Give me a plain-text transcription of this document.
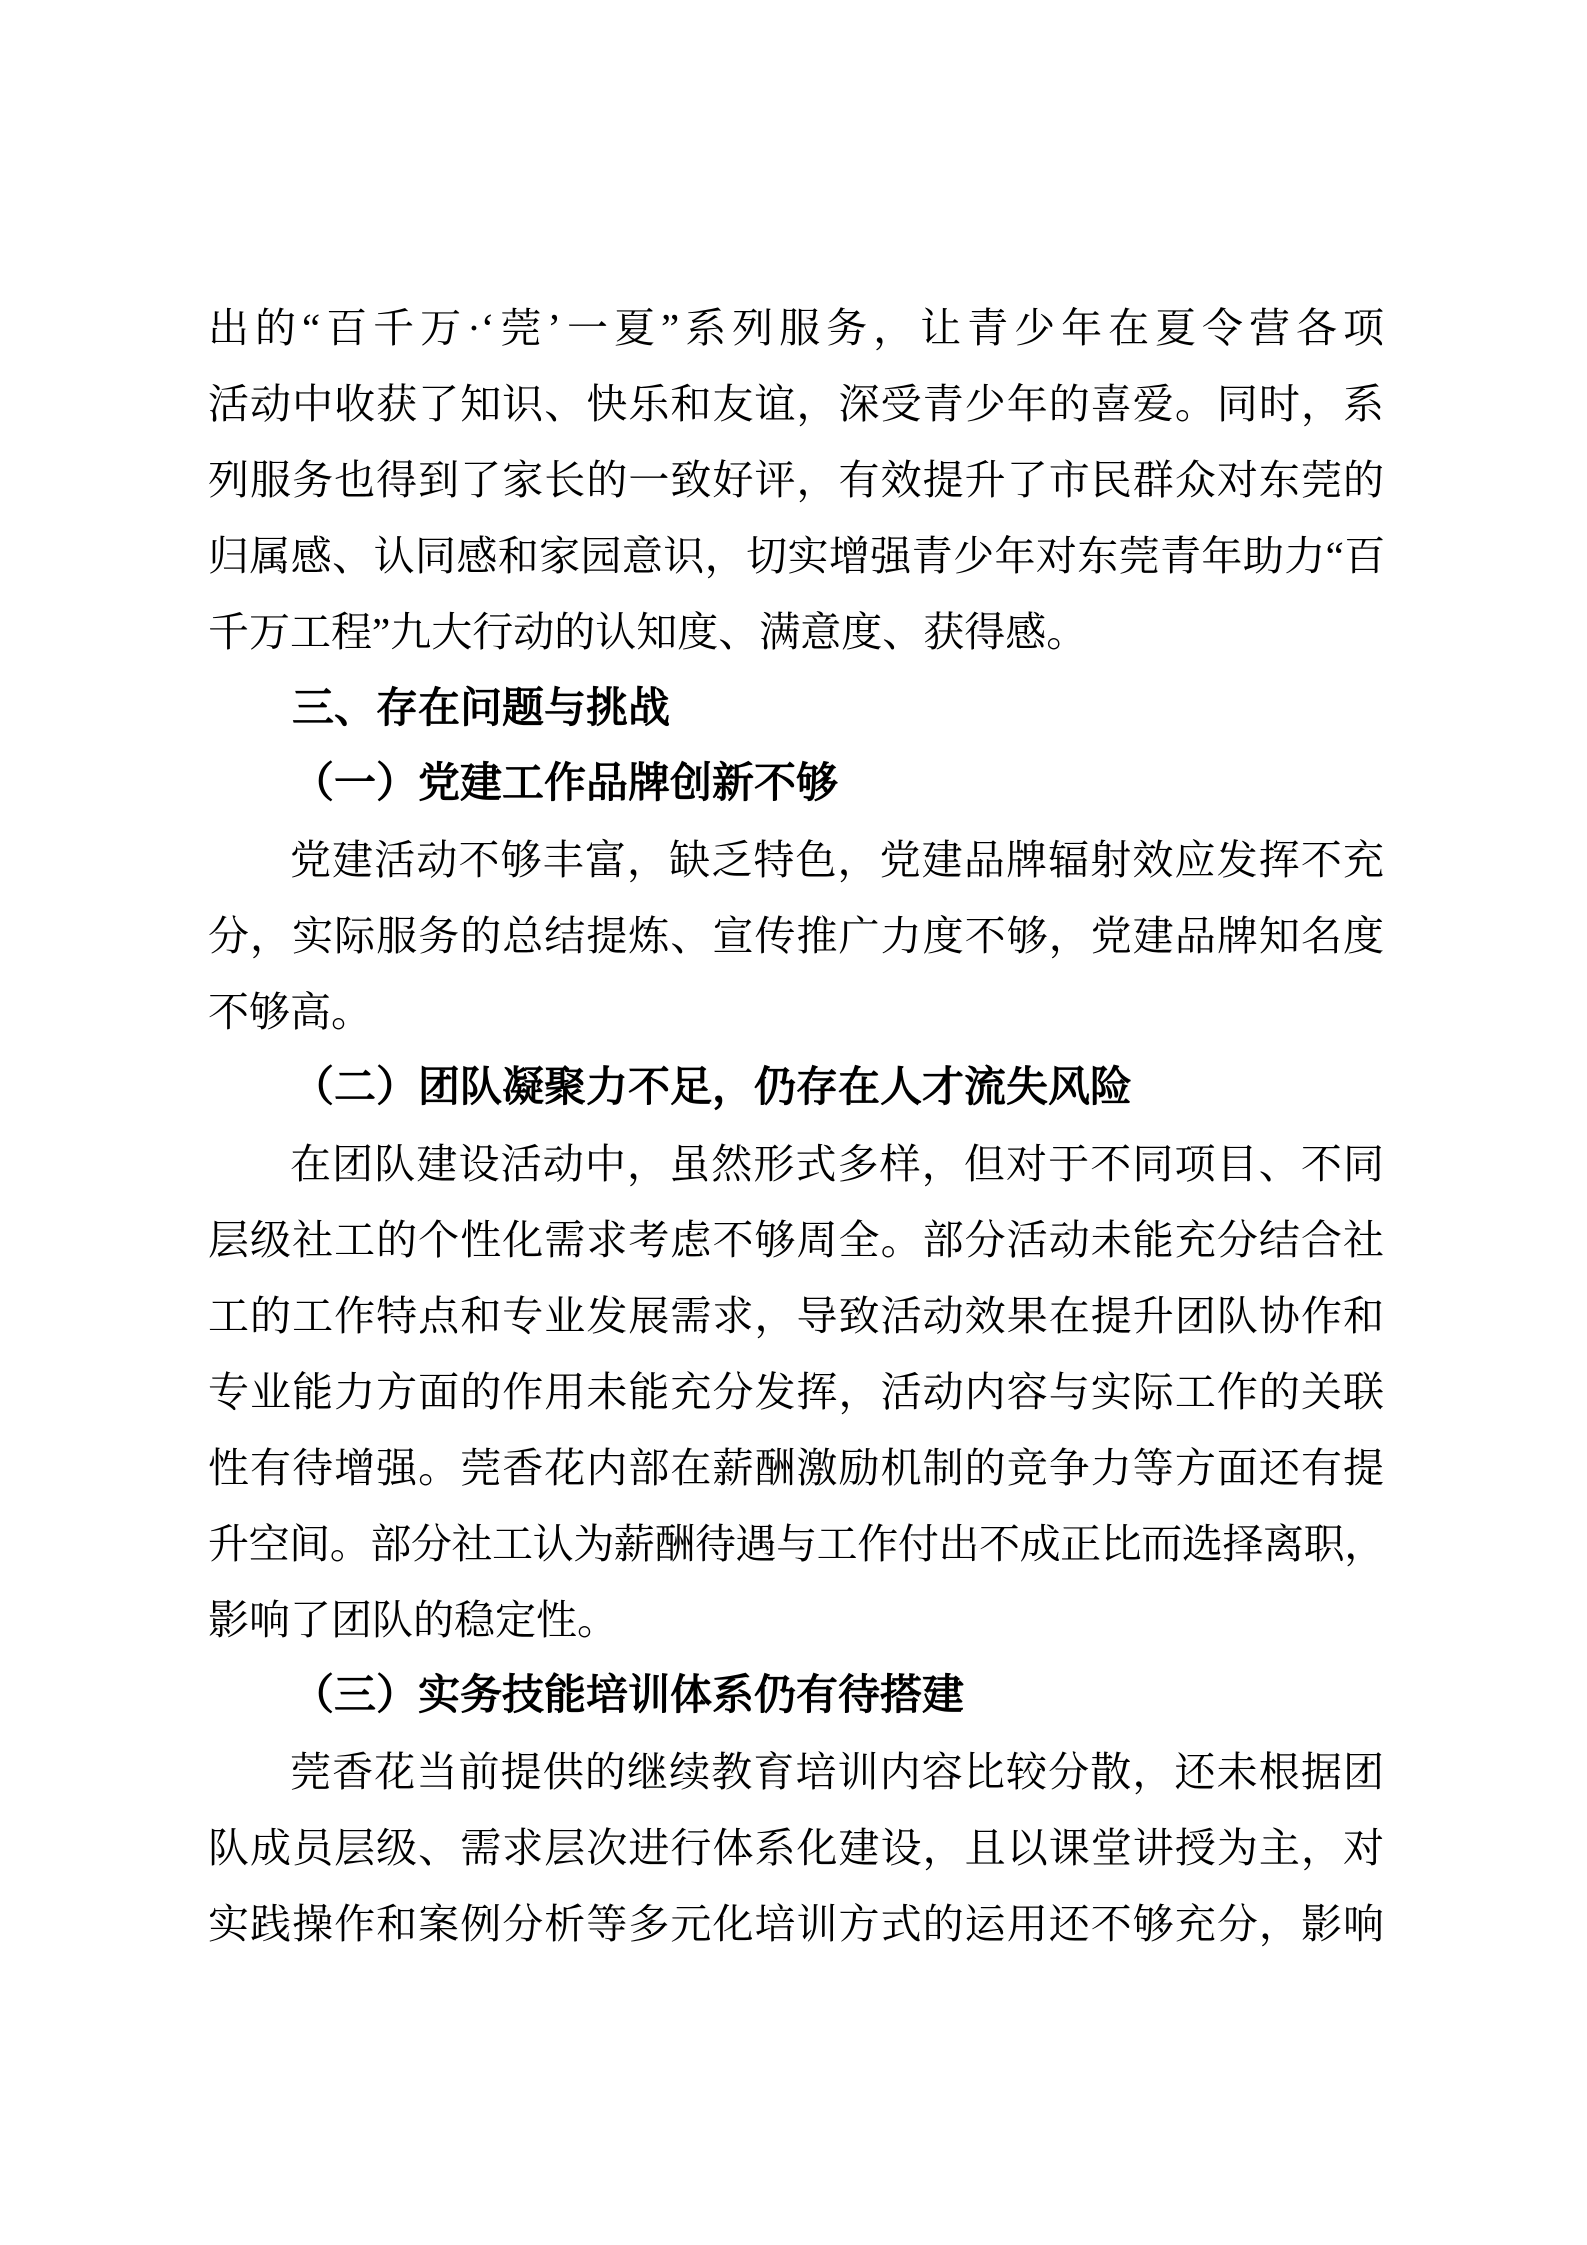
出的“百千万·‘莞’一夏”系列服务，让青少年在夏令营各项
活动中收获了知识、快乐和友谊，深受青少年的喜爱。同时，系
列服务也得到了家长的一致好评，有效提升了市民群众对东莞的
归属感、认同感和家园意识，切实增强青少年对东莞青年助力“百
千万工程”九大行动的认知度、满意度、获得感。
三、存在问题与挑战
（一）党建工作品牌创新不够
党建活动不够丰富，缺乏特色，党建品牌辐射效应发挥不充
分，实际服务的总结提炼、宣传推广力度不够，党建品牌知名度
不够高。
（二）团队凝聚力不足，仍存在人才流失风险
在团队建设活动中，虽然形式多样，但对于不同项目、不同
层级社工的个性化需求考虑不够周全。部分活动未能充分结合社
工的工作特点和专业发展需求，导致活动效果在提升团队协作和
专业能力方面的作用未能充分发挥，活动内容与实际工作的关联
性有待增强。莞香花内部在薪酬激励机制的竞争力等方面还有提
升空间。部分社工认为薪酬待遇与工作付出不成正比而选择离职，
影响了团队的稳定性。
（三）实务技能培训体系仍有待搭建
莞香花当前提供的继续教育培训内容比较分散，还未根据团
队成员层级、需求层次进行体系化建设，且以课堂讲授为主，对
实践操作和案例分析等多元化培训方式的运用还不够充分，影响
